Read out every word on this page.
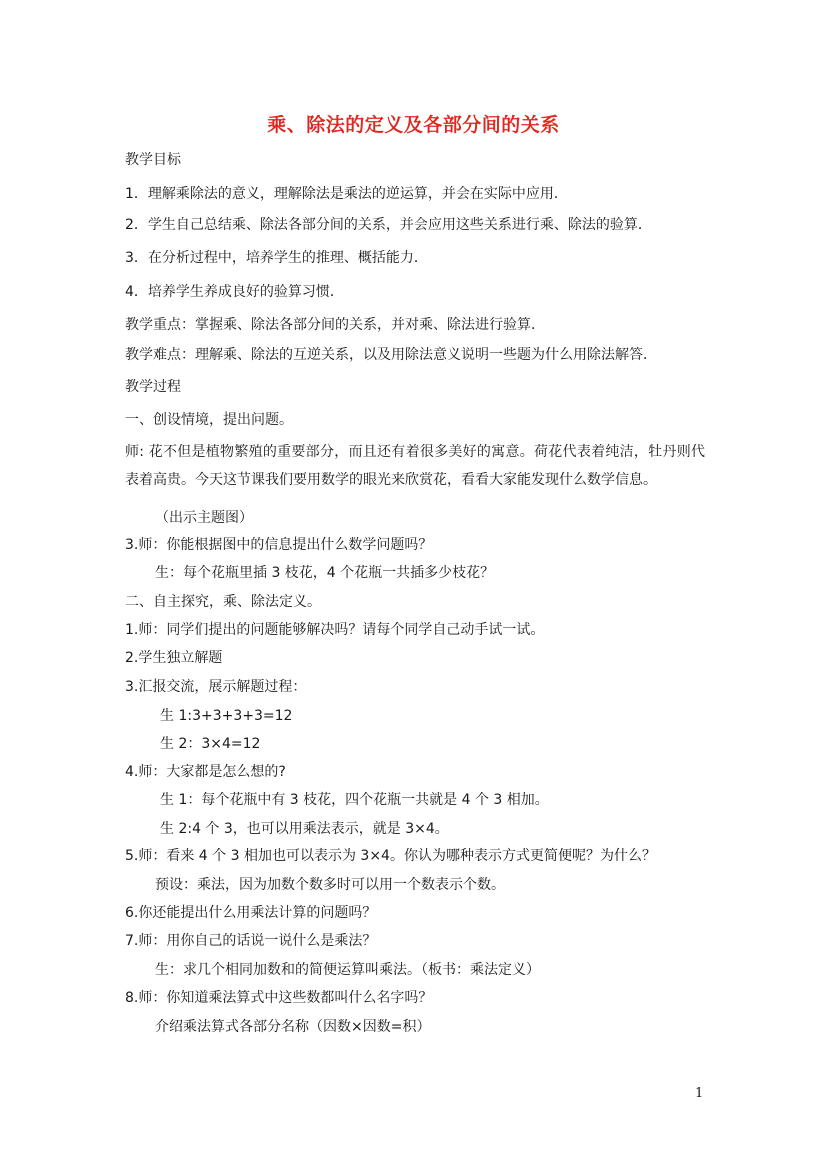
乘、除法的定义及各部分间的关系
教学目标
1．理解乘除法的意义，理解除法是乘法的逆运算，并会在实际中应用．
2．学生自己总结乘、除法各部分间的关系，并会应用这些关系进行乘、除法的验算．
3．在分析过程中，培养学生的推理、概括能力．
4．培养学生养成良好的验算习惯．
教学重点：掌握乘、除法各部分间的关系，并对乘、除法进行验算．
教学难点：理解乘、除法的互逆关系，以及用除法意义说明一些题为什么用除法解答．
教学过程
一、创设情境，提出问题。
师: 花不但是植物繁殖的重要部分，而且还有着很多美好的寓意。荷花代表着纯洁，牡丹则代表着高贵。今天这节课我们要用数学的眼光来欣赏花，看看大家能发现什么数学信息。
（出示主题图）
3.师：你能根据图中的信息提出什么数学问题吗？
生：每个花瓶里插 3 枝花，4 个花瓶一共插多少枝花？
二、自主探究，乘、除法定义。
1.师：同学们提出的问题能够解决吗？请每个同学自己动手试一试。
2.学生独立解题
3.汇报交流，展示解题过程：
生 1:3+3+3+3=12
生 2：3×4=12
4.师：大家都是怎么想的?
生 1：每个花瓶中有 3 枝花，四个花瓶一共就是 4 个 3 相加。
生 2:4 个 3，也可以用乘法表示，就是 3×4。
5.师：看来 4 个 3 相加也可以表示为 3×4。你认为哪种表示方式更简便呢？为什么？
预设：乘法，因为加数个数多时可以用一个数表示个数。
6.你还能提出什么用乘法计算的问题吗？
7.师：用你自己的话说一说什么是乘法？
生：求几个相同加数和的简便运算叫乘法。（板书：乘法定义）
8.师：你知道乘法算式中这些数都叫什么名字吗？
介绍乘法算式各部分名称（因数×因数=积）
1
